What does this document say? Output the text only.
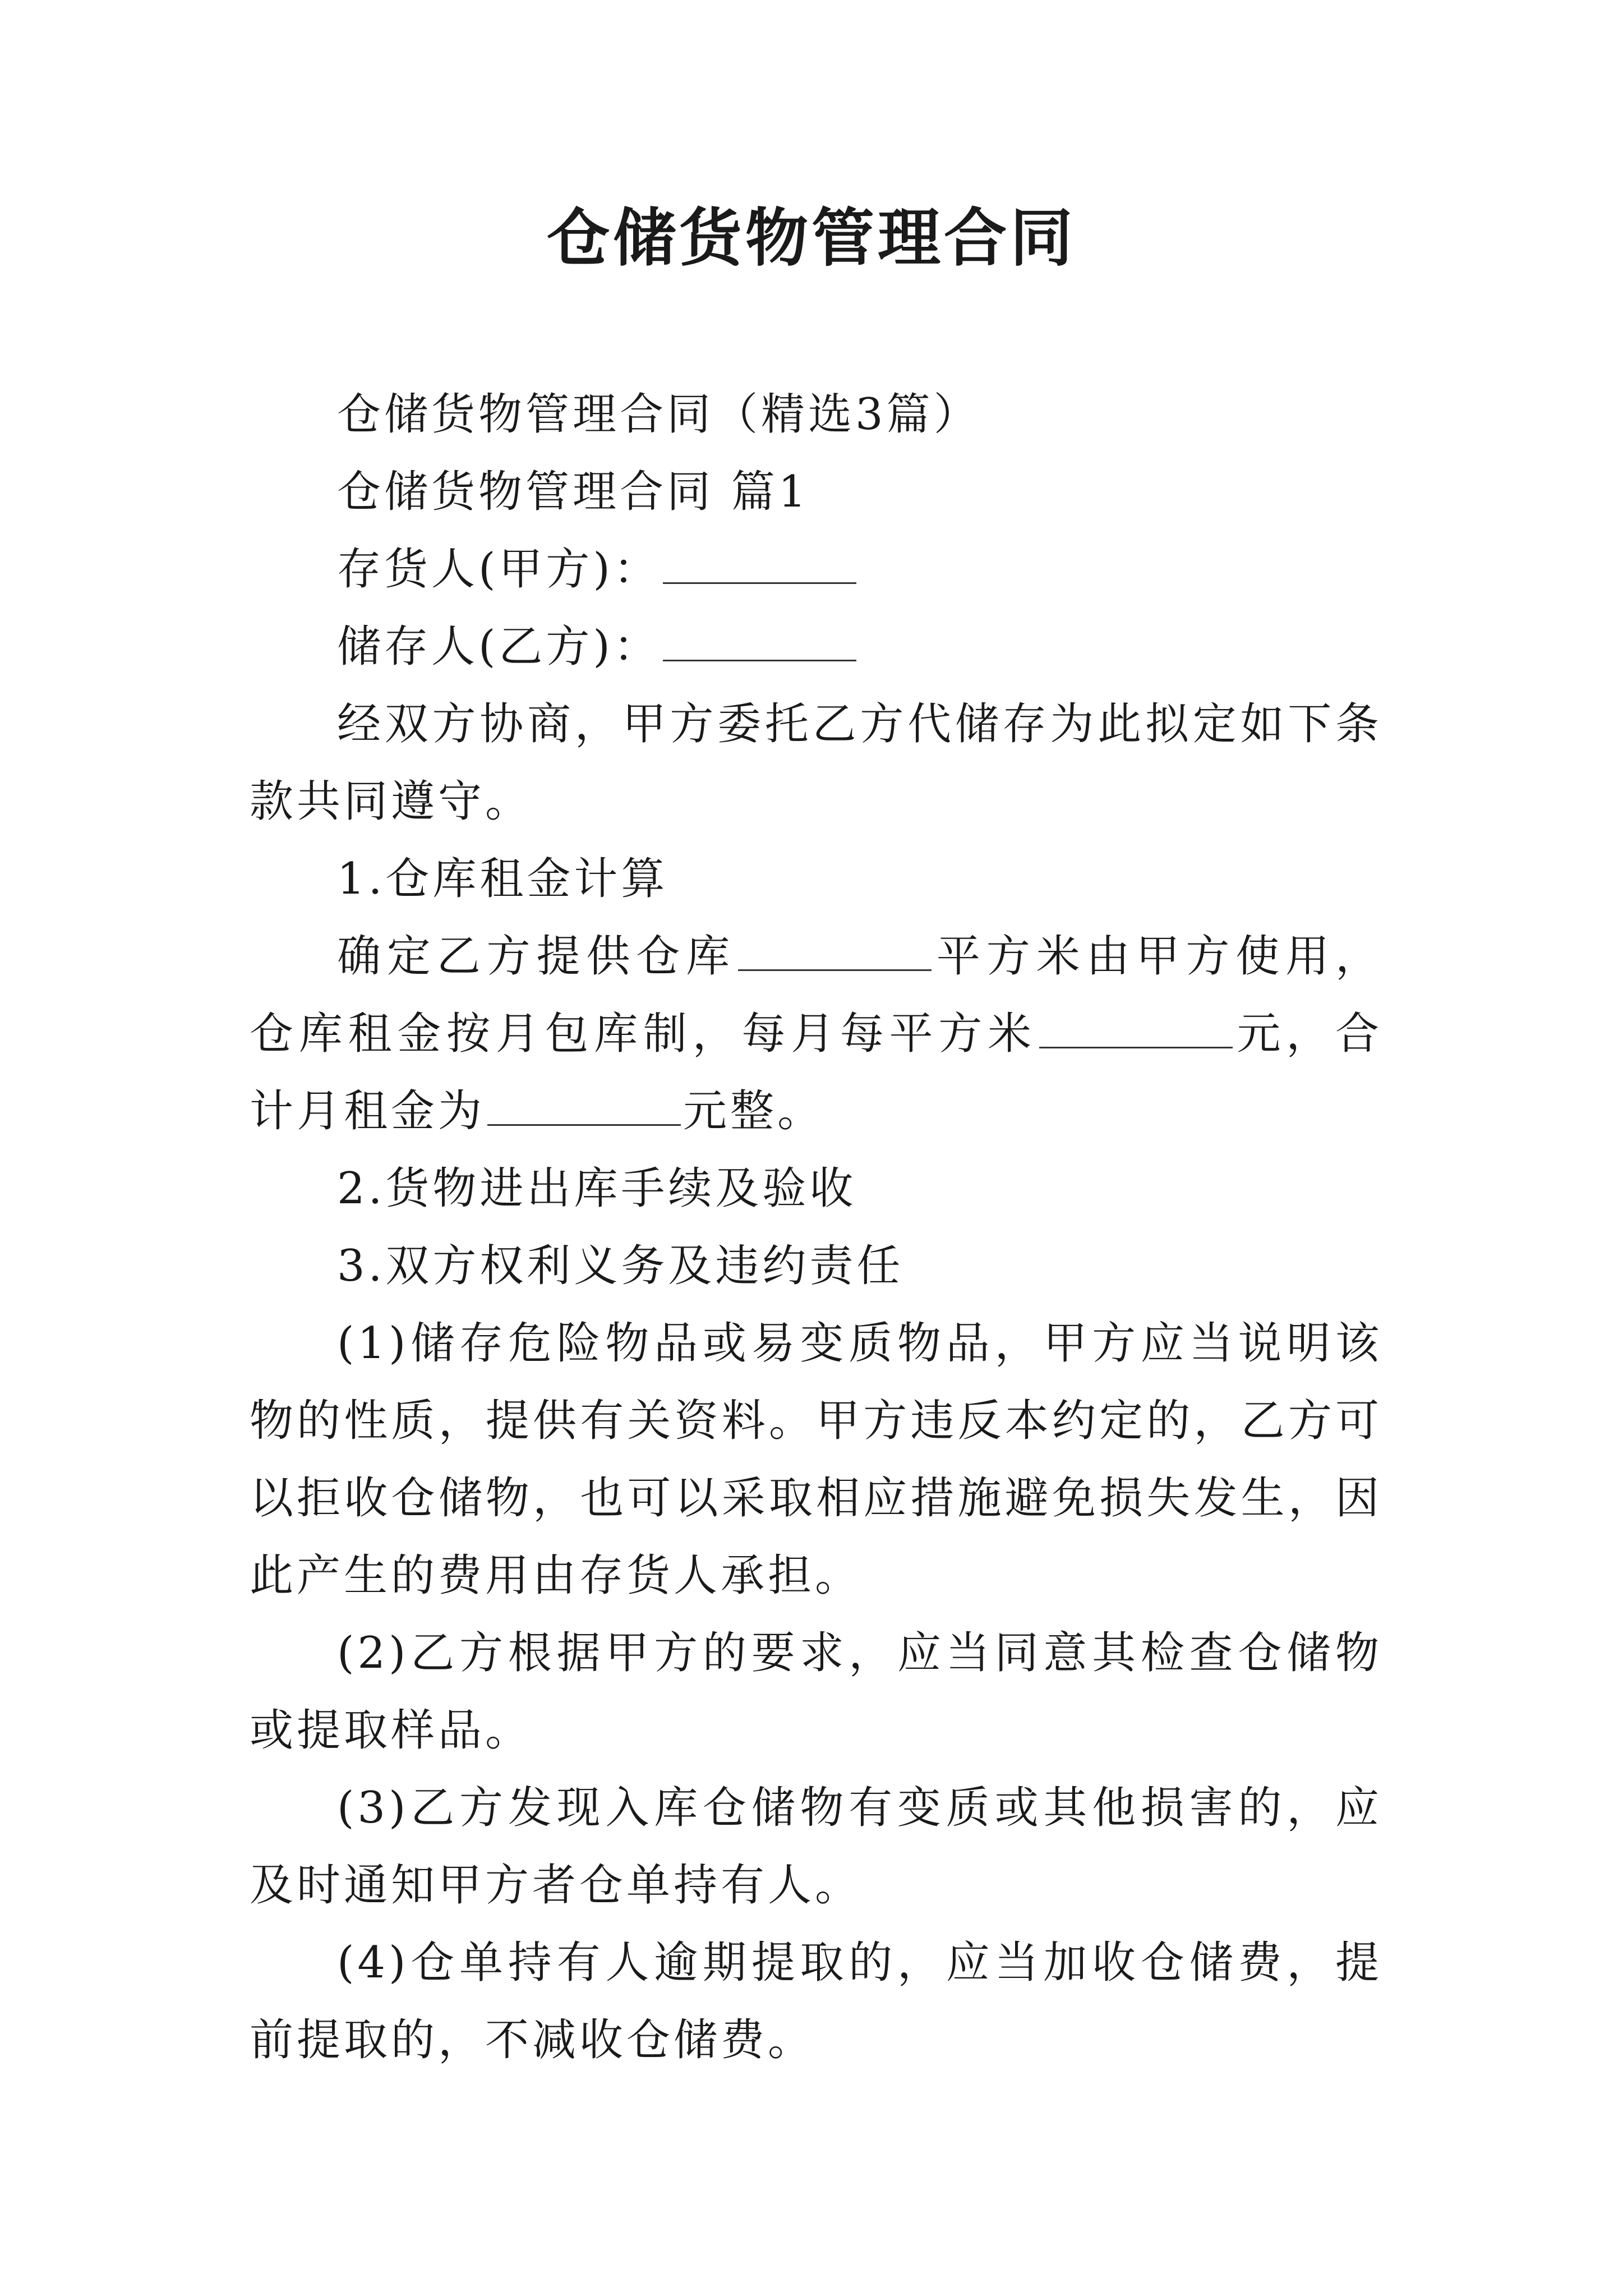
仓储货物管理合同

仓储货物管理合同（精选3篇）

仓储货物管理合同 篇1

存货人(甲方)：

储存人(乙方)：

经双方协商，甲方委托乙方代储存为此拟定如下条款共同遵守。

1.仓库租金计算

确定乙方提供仓库	平方米由甲方使用，仓库租金按月包库制，每月每平方米	元，合计月租金为	元整。

2.货物进出库手续及验收

3.双方权利义务及违约责任

(1)储存危险物品或易变质物品，甲方应当说明该物的性质，提供有关资料。甲方违反本约定的，乙方可以拒收仓储物，也可以采取相应措施避免损失发生，因此产生的费用由存货人承担。

(2)乙方根据甲方的要求，应当同意其检查仓储物或提取样品。

(3)乙方发现入库仓储物有变质或其他损害的，应及时通知甲方者仓单持有人。

(4)仓单持有人逾期提取的，应当加收仓储费，提前提取的，不减收仓储费。
